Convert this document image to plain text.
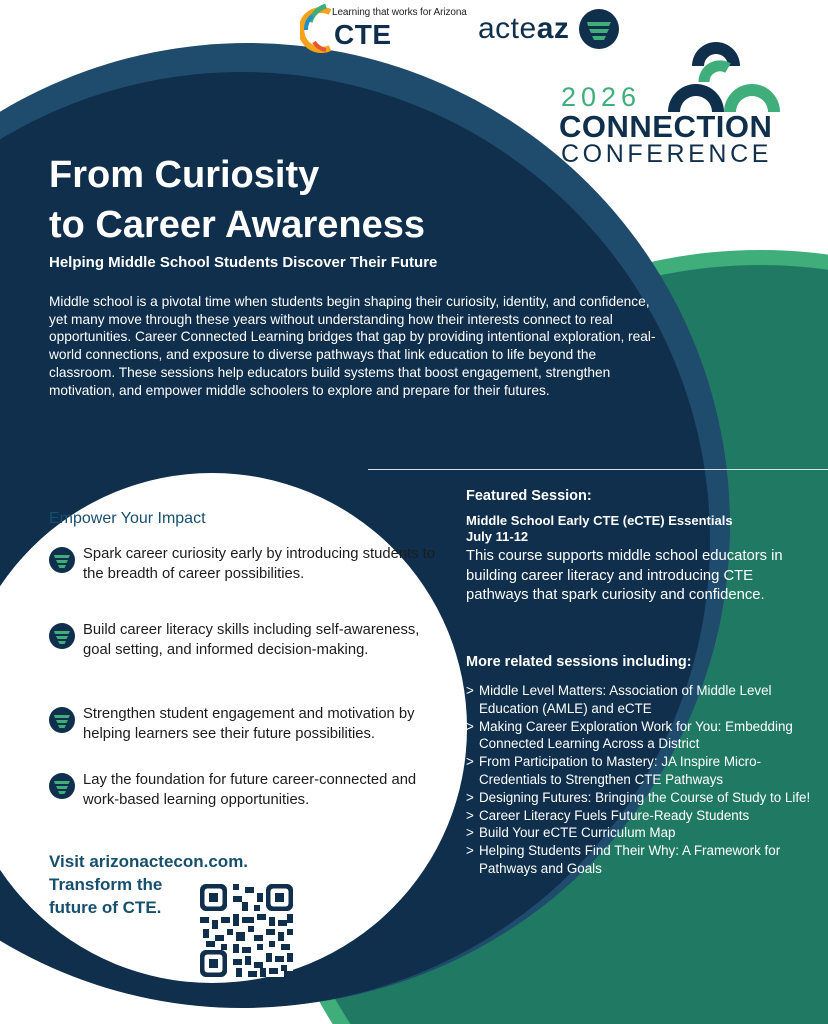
Learning that works for Arizona
CTE	acteaz
2026
CONNECTION
CONFERENCE
From Curiosity
to Career Awareness
Helping Middle School Students Discover Their Future

Middle school is a pivotal time when students begin shaping their curiosity, identity, and confidence, yet many move through these years without understanding how their interests connect to real opportunities. Career Connected Learning bridges that gap by providing intentional exploration, real-world connections, and exposure to diverse pathways that link education to life beyond the classroom. These sessions help educators build systems that boost engagement, strengthen motivation, and empower middle schoolers to explore and prepare for their futures.

Empower Your Impact
Spark career curiosity early by introducing students to the breadth of career possibilities.
Build career literacy skills including self-awareness, goal setting, and informed decision-making.
Strengthen student engagement and motivation by helping learners see their future possibilities.
Lay the foundation for future career-connected and work-based learning opportunities.
Visit arizonactecon.com.
Transform the
future of CTE.
Featured Session:
Middle School Early CTE (eCTE) Essentials
July 11-12
This course supports middle school educators in building career literacy and introducing CTE pathways that spark curiosity and confidence.
More related sessions including:
> Middle Level Matters: Association of Middle Level Education (AMLE) and eCTE
> Making Career Exploration Work for You: Embedding Connected Learning Across a District
> From Participation to Mastery: JA Inspire Micro-Credentials to Strengthen CTE Pathways
> Designing Futures: Bringing the Course of Study to Life!
> Career Literacy Fuels Future-Ready Students
> Build Your eCTE Curriculum Map
> Helping Students Find Their Why: A Framework for Pathways and Goals
